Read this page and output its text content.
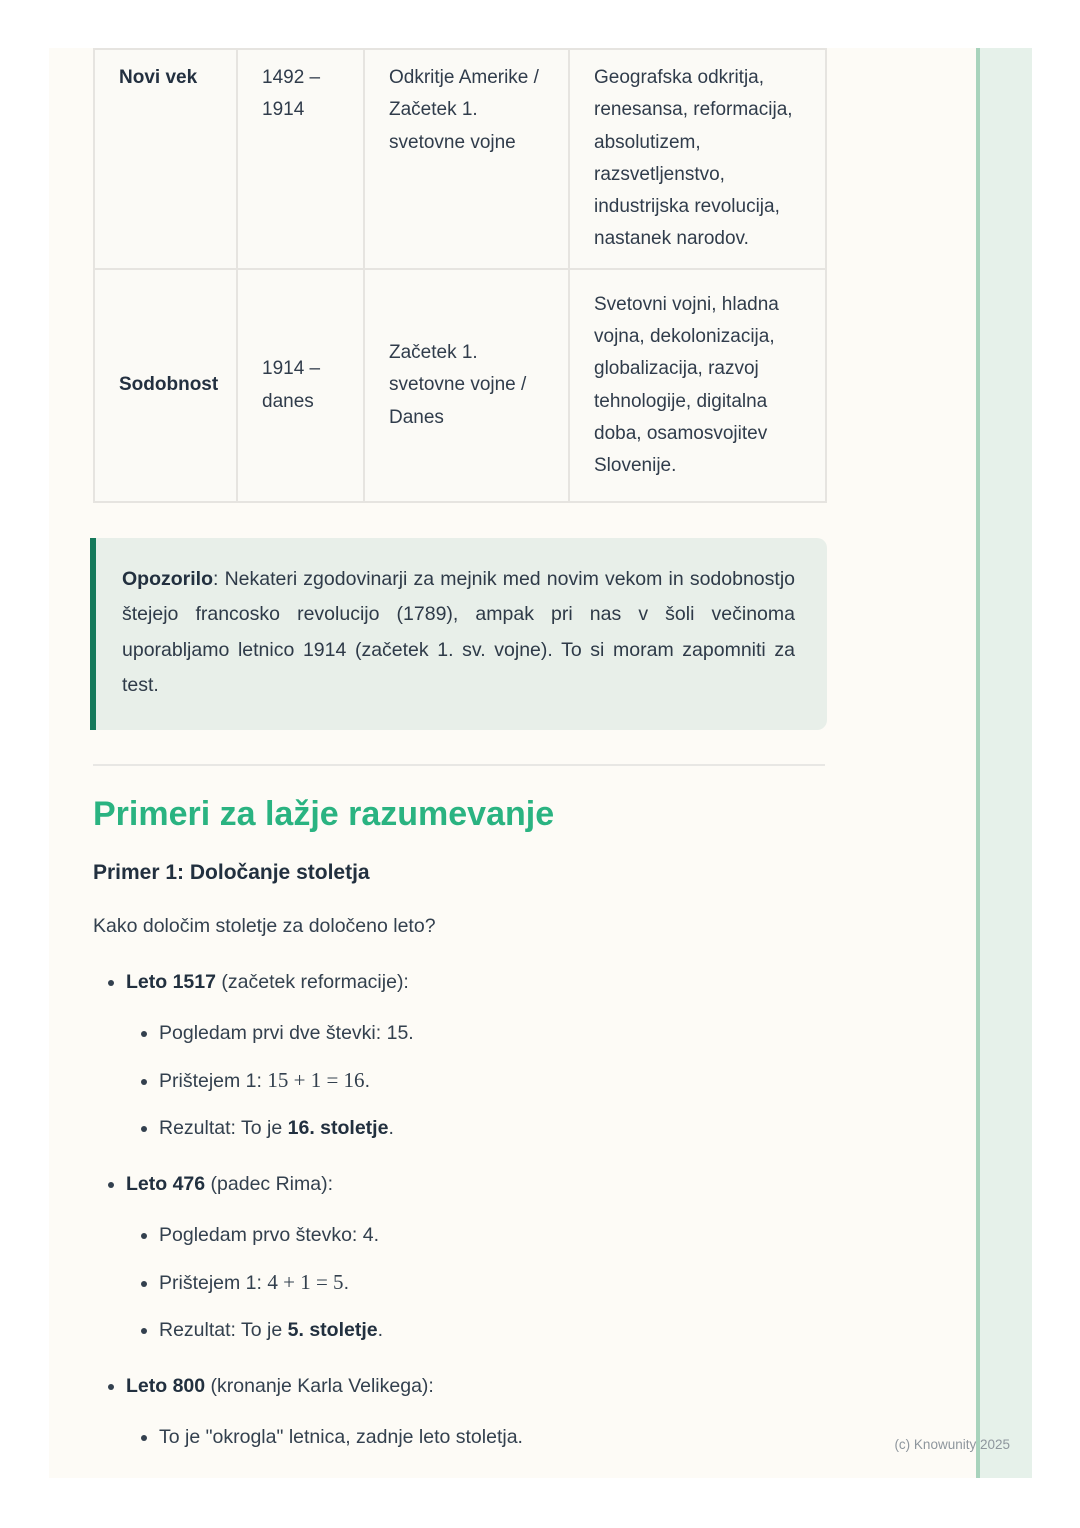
Novi vek	1492 – 1914	Odkritje Amerike / Začetek 1. svetovne vojne	Geografska odkritja, renesansa, reformacija, absolutizem, razsvetljenstvo, industrijska revolucija, nastanek narodov.
Sodobnost	1914 – danes	Začetek 1. svetovne vojne / Danes	Svetovni vojni, hladna vojna, dekolonizacija, globalizacija, razvoj tehnologije, digitalna doba, osamosvojitev Slovenije.
Opozorilo: Nekateri zgodovinarji za mejnik med novim vekom in sodobnostjo štejejo francosko revolucijo (1789), ampak pri nas v šoli večinoma uporabljamo letnico 1914 (začetek 1. sv. vojne). To si moram zapomniti za test.
Primeri za lažje razumevanje
Primer 1: Določanje stoletja

Kako določim stoletje za določeno leto?

• Leto 1517 (začetek reformacije):
• Pogledam prvi dve števki: 15.
• Prištejem 1: 15 + 1 = 16.
• Rezultat: To je 16. stoletje.
• Leto 476 (padec Rima):
• Pogledam prvo števko: 4.
• Prištejem 1: 4 + 1 = 5.
• Rezultat: To je 5. stoletje.
• Leto 800 (kronanje Karla Velikega):
• To je "okrogla" letnica, zadnje leto stoletja.	(c) Knowunity 2025
